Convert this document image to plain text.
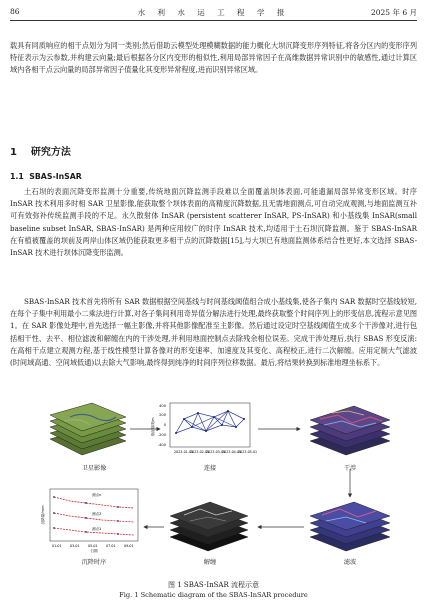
86	水 利 水 运 工 程 学 报	2025 年 6 月
载具有同质响应的相干点划分为同一类别;然后借助云模型处理模糊数据的能力概化大坝沉降变形序列特征,将各分区内的变形序列特征表示为云参数,并构建云向量;最后根据各分区内变形的相似性,利用局部异常因子在高维数据异常识别中的敏感性,通过计算区域内各相干点云向量的局部异常因子值量化其变形异常程度,进而识别异常区域。
1 研究方法
1.1 SBAS-InSAR
土石坝的表面沉降变形监测十分重要,传统地面沉降监测手段难以全面覆盖坝体表面,可能遗漏局部异常变形区域。时序 InSAR 技术利用多时相 SAR 卫星影像,能获取整个坝体表面的高精度沉降数据,且无需地面测点,可自动完成观测,与地面监测互补可有效弥补传统监测手段的不足。永久散射体 InSAR (persistent scatterer InSAR, PS-InSAR) 和小基线集 InSAR(small baseline subset InSAR, SBAS-InSAR) 是两种应用较广的时序 InSAR 技术,均适用于土石坝沉降监测。鉴于 SBAS-InSAR 在有植被覆盖的坝前及两岸山体区域仍能获取更多相干点的沉降数据[15],与大坝已有地面监测体系结合性更好,本文选择 SBAS-InSAR 技术进行坝体沉降变形监测。
SBAS-InSAR 技术首先将所有 SAR 数据根据空间基线与时间基线阈值组合成小基线集,使各子集内 SAR 数据时空基线较短,在每个子集中利用最小二乘法进行计算,对各子集间利用奇异值分解法进行处理,最终获取整个时间序列上的形变信息,流程示意见图 1。在 SAR 影像处理中,首先选择一幅主影像,并将其他影像配准至主影像。然后通过设定时空基线阈值生成多个干涉像对,进行包括相干性、去平、相位滤波和解缠在内的干涉处理,并利用地面控制点去除残余相位误差。完成干涉处理后,执行 SBAS 形变反演:在高相干点建立观测方程,基于线性模型计算各像对的形变速率、加速度及其变化、高程校正,进行二次解缠。应用定制大气滤波(时间域高通、空间域低通)以去除大气影响,最终得到纯净的时间序列位移数据。最后,将结果转换到标准地理坐标系下。
400
200
0
-200
-400
垂直基线/m
2023-01-01
2023-02-01
2023-03-01
2023-04-01
2023-05-01
测点n
测点2
测点1
01-01	03-01	05-01	07-01	09-01
日期
沉降量/mm
卫星影像	连接	干涉
沉降时序	解缠	滤波
图 1 SBAS-InSAR 流程示意
Fig. 1 Schematic diagram of the SBAS-InSAR procedure
